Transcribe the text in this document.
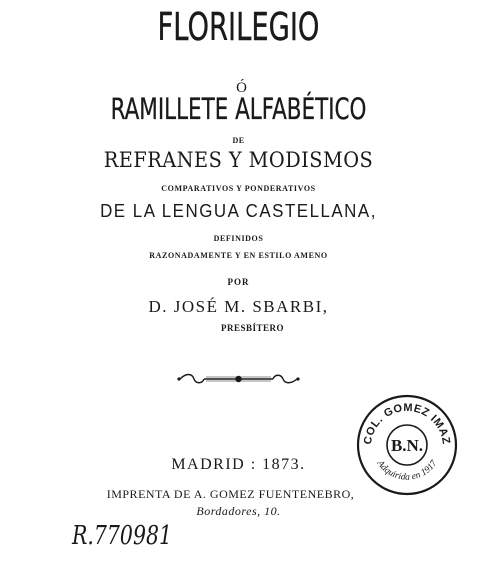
FLORILEGIO
Ó
RAMILLETE ALFABÉTICO
DE
REFRANES Y MODISMOS
COMPARATIVOS Y PONDERATIVOS
DE LA LENGUA CASTELLANA,
DEFINIDOS
RAZONADAMENTE Y EN ESTILO AMENO
POR
D. JOSÉ M. SBARBI,
PRESBÍTERO
MADRID : 1873.
IMPRENTA DE A. GOMEZ FUENTENEBRO,
Bordadores, 10.
COL. GOMEZ IMAZ
B.N.
Adquirida en 1917
R.770981
